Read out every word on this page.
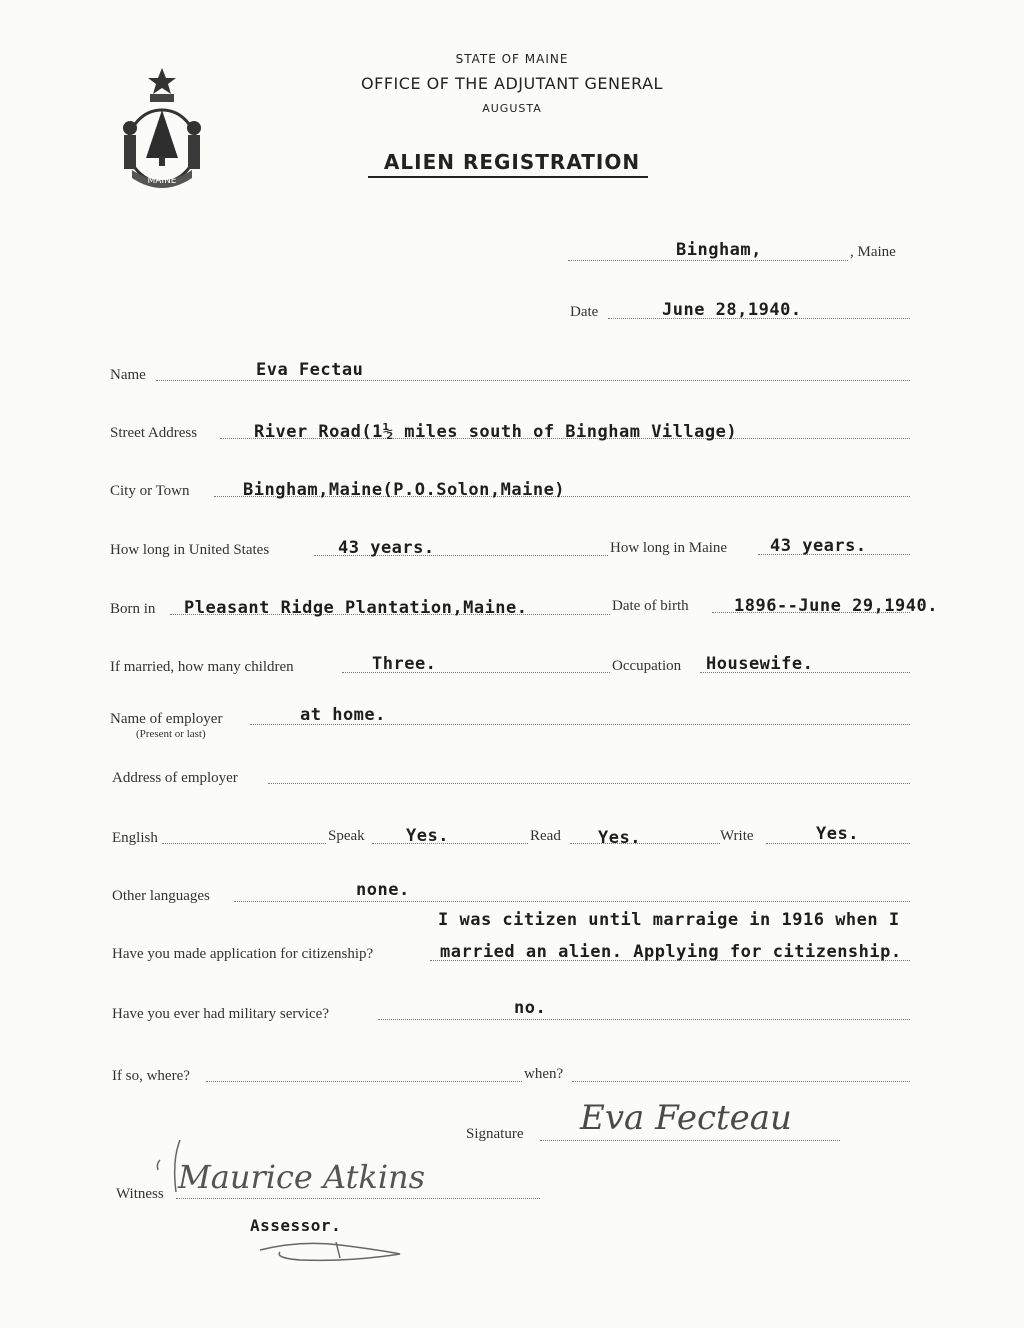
MAINE
STATE OF MAINE
OFFICE OF THE ADJUTANT GENERAL
AUGUSTA
ALIEN REGISTRATION
Bingham,	, Maine
Date	June 28,1940.
Name	Eva Fectau
Street Address	River Road(1½ miles south of Bingham Village)
City or Town	Bingham,Maine(P.O.Solon,Maine)
How long in United States	43 years.	How long in Maine	43 years.
Born in Pleasant Ridge Plantation,Maine.	Date of birth	1896--June 29,1940.
If married, how many children	Three.	Occupation Housewife.
Name of employer
(Present or last)
at home.
Address of employer
English	Speak Yes.	Read Yes.	Write	Yes.
Other languages	none.
I was citizen until marraige in 1916 when I
Have you made application for citizenship?	married an alien. Applying for citizenship.
Have you ever had military service?	no.
If so, where?	when?
Signature Eva Fecteau
Witness Maurice Atkins
Assessor.
